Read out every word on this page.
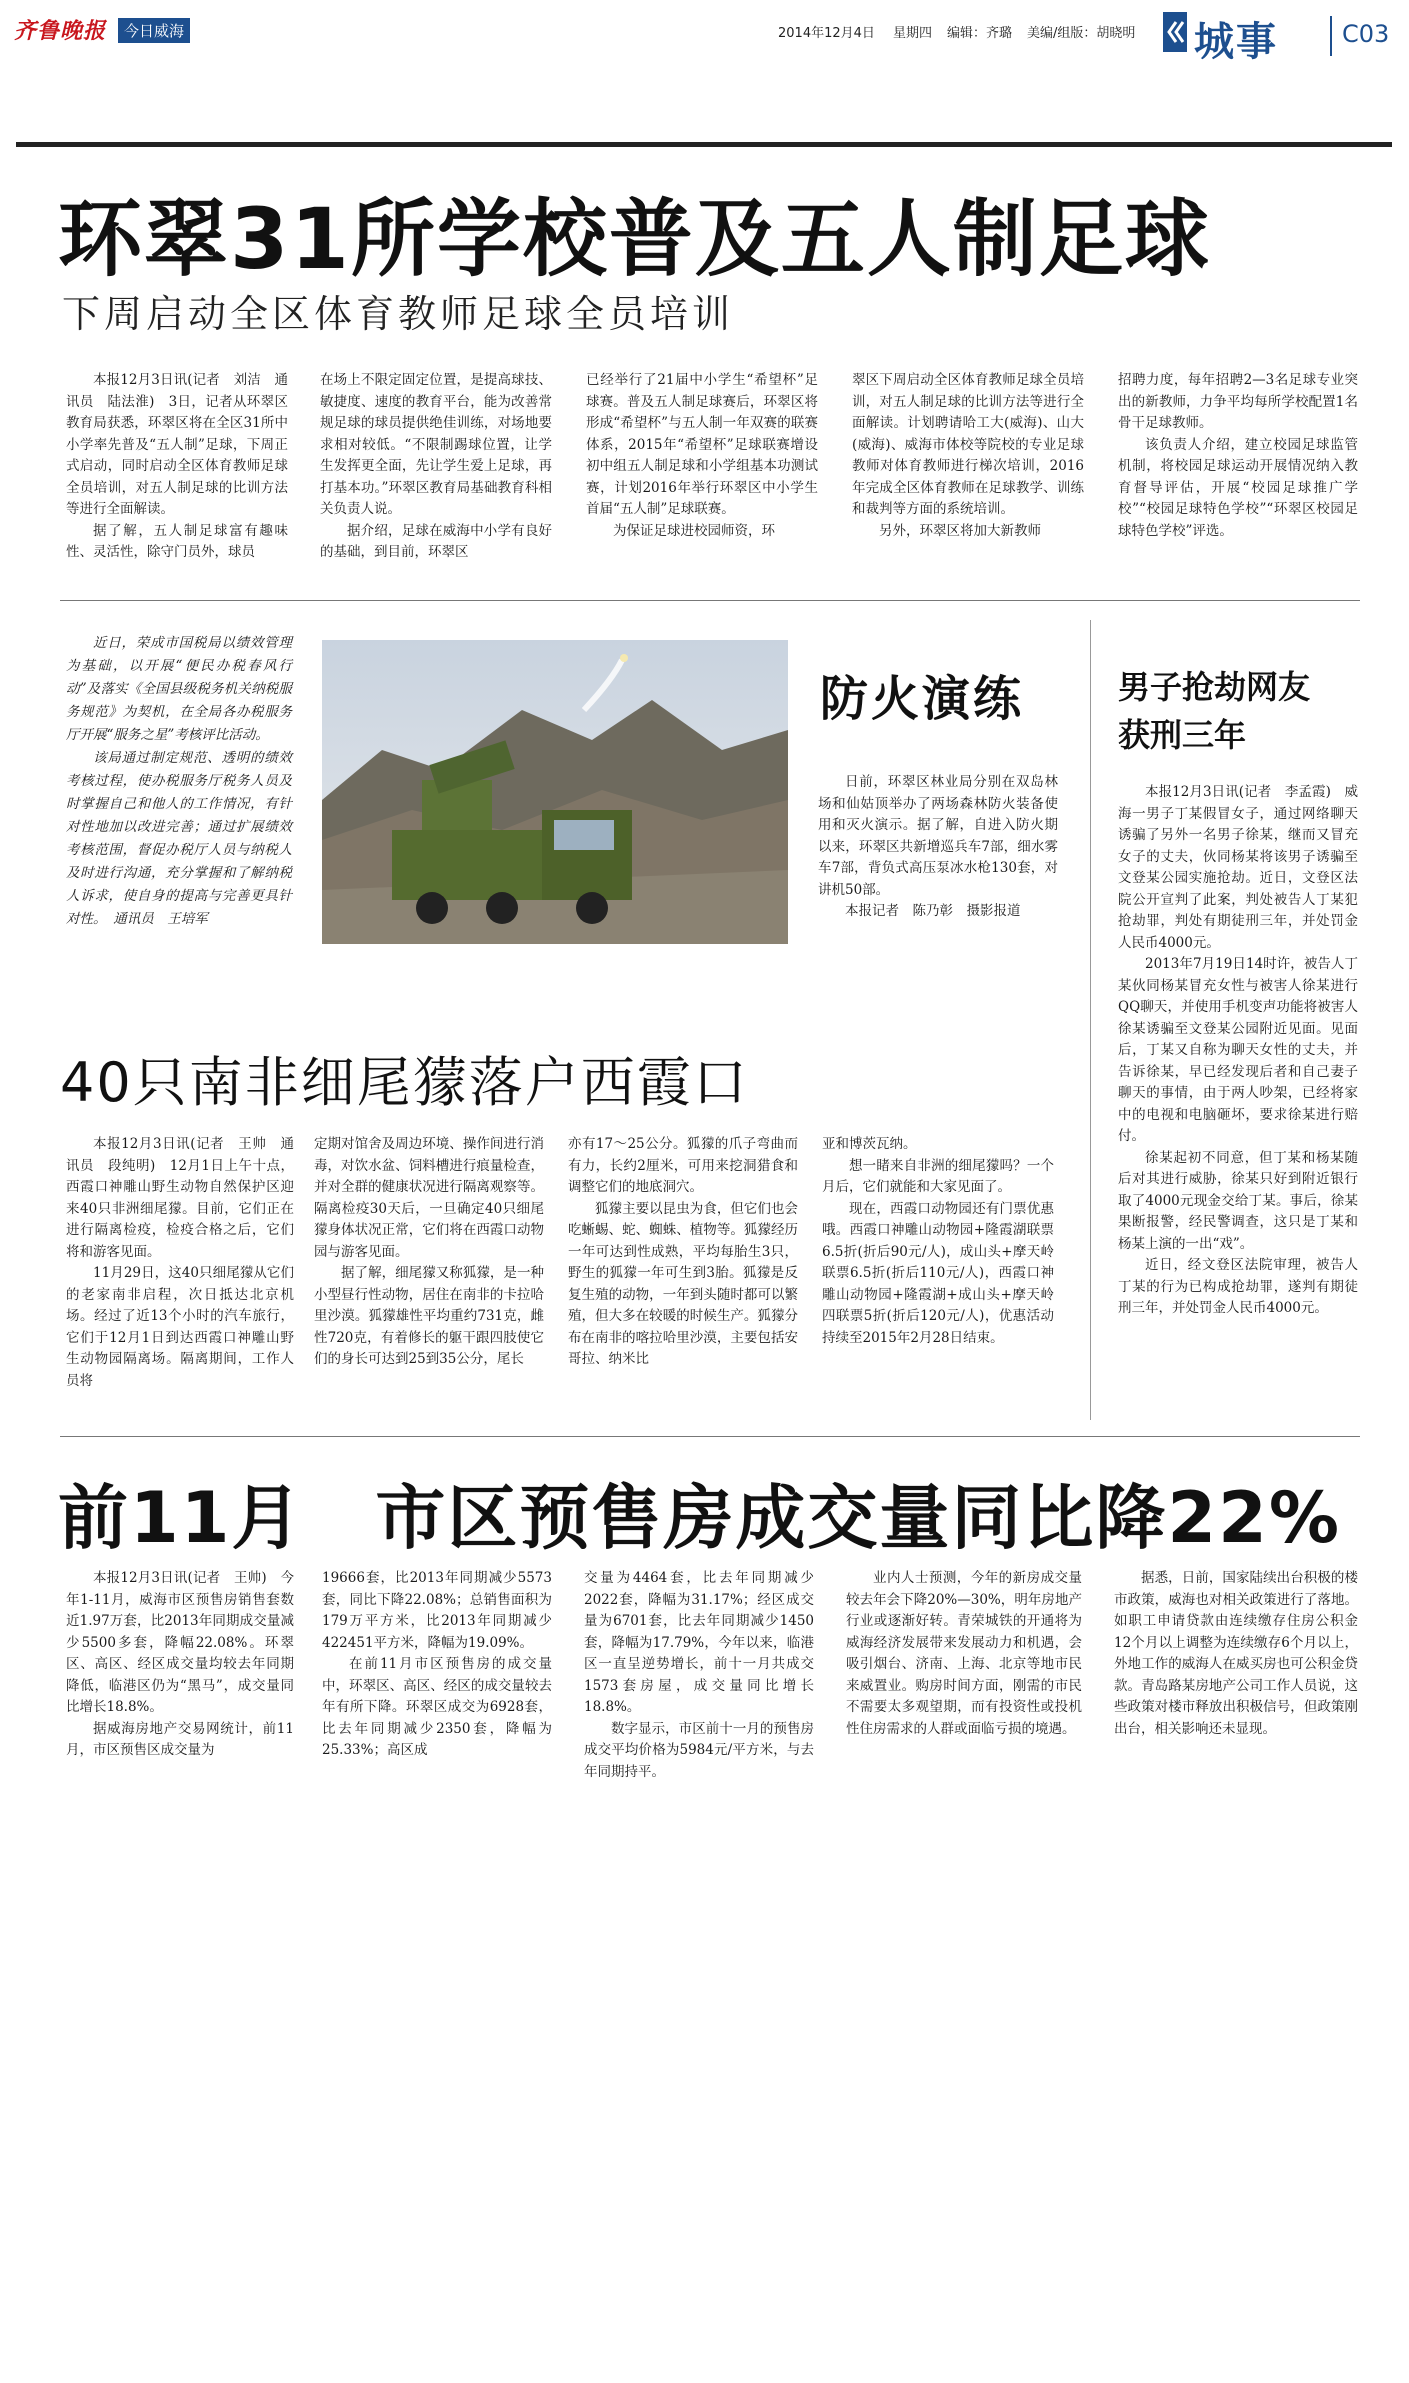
齐鲁晚报	今日威海	2014年12月4日 星期四 编辑：齐璐 美编/组版：胡晓明 城事	C03
环翠31所学校普及五人制足球
下周启动全区体育教师足球全员培训

本报12月3日讯(记者　刘洁　通讯员　陆法淮)　3日，记者从环翠区教育局获悉，环翠区将在全区31所中小学率先普及“五人制”足球，下周正式启动，同时启动全区体育教师足球全员培训，对五人制足球的比训方法等进行全面解读。

据了解，五人制足球富有趣味性、灵活性，除守门员外，球员

在场上不限定固定位置，是提高球技、敏捷度、速度的教育平台，能为改善常规足球的球员提供绝佳训练，对场地要求相对较低。“不限制踢球位置，让学生发挥更全面，先让学生爱上足球，再打基本功。”环翠区教育局基础教育科相关负责人说。

据介绍，足球在威海中小学有良好的基础，到目前，环翠区

已经举行了21届中小学生“希望杯”足球赛。普及五人制足球赛后，环翠区将形成“希望杯”与五人制一年双赛的联赛体系，2015年“希望杯”足球联赛增设初中组五人制足球和小学组基本功测试赛，计划2016年举行环翠区中小学生首届“五人制”足球联赛。

为保证足球进校园师资，环

翠区下周启动全区体育教师足球全员培训，对五人制足球的比训方法等进行全面解读。计划聘请哈工大(威海)、山大(威海)、威海市体校等院校的专业足球教师对体育教师进行梯次培训，2016年完成全区体育教师在足球教学、训练和裁判等方面的系统培训。

另外，环翠区将加大新教师

招聘力度，每年招聘2—3名足球专业突出的新教师，力争平均每所学校配置1名骨干足球教师。

该负责人介绍，建立校园足球监管机制，将校园足球运动开展情况纳入教育督导评估，开展“校园足球推广学校”“校园足球特色学校”“环翠区校园足球特色学校”评选。

近日，荣成市国税局以绩效管理为基础，以开展“便民办税春风行动”及落实《全国县级税务机关纳税服务规范》为契机，在全局各办税服务厅开展“服务之星”考核评比活动。

该局通过制定规范、透明的绩效考核过程，使办税服务厅税务人员及时掌握自己和他人的工作情况，有针对性地加以改进完善；通过扩展绩效考核范围，督促办税厅人员与纳税人及时进行沟通，充分掌握和了解纳税人诉求，使自身的提高与完善更具针对性。　通讯员　王培军

防火演练

日前，环翠区林业局分别在双岛林场和仙姑顶举办了两场森林防火装备使用和灭火演示。据了解，自进入防火期以来，环翠区共新增巡兵车7部，细水雾车7部，背负式高压泵冰水枪130套，对讲机50部。

本报记者　陈乃彰　摄影报道

男子抢劫网友
获刑三年

本报12月3日讯(记者　李孟霞)　威海一男子丁某假冒女子，通过网络聊天诱骗了另外一名男子徐某，继而又冒充女子的丈夫，伙同杨某将该男子诱骗至文登某公园实施抢劫。近日，文登区法院公开宣判了此案，判处被告人丁某犯抢劫罪，判处有期徒刑三年，并处罚金人民币4000元。

2013年7月19日14时许，被告人丁某伙同杨某冒充女性与被害人徐某进行QQ聊天，并使用手机变声功能将被害人徐某诱骗至文登某公园附近见面。见面后，丁某又自称为聊天女性的丈夫，并告诉徐某，早已经发现后者和自己妻子聊天的事情，由于两人吵架，已经将家中的电视和电脑砸坏，要求徐某进行赔付。

徐某起初不同意，但丁某和杨某随后对其进行威胁，徐某只好到附近银行取了4000元现金交给丁某。事后，徐某果断报警，经民警调查，这只是丁某和杨某上演的一出“戏”。

近日，经文登区法院审理，被告人丁某的行为已构成抢劫罪，遂判有期徒刑三年，并处罚金人民币4000元。

40只南非细尾獴落户西霞口

本报12月3日讯(记者　王帅　通讯员　段纯明)　12月1日上午十点，西霞口神雕山野生动物自然保护区迎来40只非洲细尾獴。目前，它们正在进行隔离检疫，检疫合格之后，它们将和游客见面。

11月29日，这40只细尾獴从它们的老家南非启程，次日抵达北京机场。经过了近13个小时的汽车旅行，它们于12月1日到达西霞口神雕山野生动物园隔离场。隔离期间，工作人员将

定期对馆舍及周边环境、操作间进行消毒，对饮水盆、饲料槽进行痕量检查，并对全群的健康状况进行隔离观察等。隔离检疫30天后，一旦确定40只细尾獴身体状况正常，它们将在西霞口动物园与游客见面。

据了解，细尾獴又称狐獴，是一种小型昼行性动物，居住在南非的卡拉哈里沙漠。狐獴雄性平均重约731克，雌性720克，有着修长的躯干跟四肢使它们的身长可达到25到35公分，尾长

亦有17～25公分。狐獴的爪子弯曲而有力，长约2厘米，可用来挖洞猎食和调整它们的地底洞穴。

狐獴主要以昆虫为食，但它们也会吃蜥蜴、蛇、蜘蛛、植物等。狐獴经历一年可达到性成熟，平均每胎生3只，野生的狐獴一年可生到3胎。狐獴是反复生殖的动物，一年到头随时都可以繁殖，但大多在较暖的时候生产。狐獴分布在南非的喀拉哈里沙漠，主要包括安哥拉、纳米比

亚和博茨瓦纳。

想一睹来自非洲的细尾獴吗？一个月后，它们就能和大家见面了。

现在，西霞口动物园还有门票优惠哦。西霞口神雕山动物园+隆霞湖联票6.5折(折后90元/人)，成山头+摩天岭联票6.5折(折后110元/人)，西霞口神雕山动物园+隆霞湖+成山头+摩天岭四联票5折(折后120元/人)，优惠活动持续至2015年2月28日结束。

前11月　市区预售房成交量同比降22%

本报12月3日讯(记者　王帅)　今年1-11月，威海市区预售房销售套数近1.97万套，比2013年同期成交量减少5500多套，降幅22.08%。环翠区、高区、经区成交量均较去年同期降低，临港区仍为“黑马”，成交量同比增长18.8%。

据威海房地产交易网统计，前11月，市区预售区成交量为

19666套，比2013年同期减少5573套，同比下降22.08%；总销售面积为179万平方米，比2013年同期减少422451平方米，降幅为19.09%。

在前11月市区预售房的成交量中，环翠区、高区、经区的成交量较去年有所下降。环翠区成交为6928套，比去年同期减少2350套，降幅为25.33%；高区成

交量为4464套，比去年同期减少2022套，降幅为31.17%；经区成交量为6701套，比去年同期减少1450套，降幅为17.79%，今年以来，临港区一直呈逆势增长，前十一月共成交1573套房屋，成交量同比增长18.8%。

数字显示，市区前十一月的预售房成交平均价格为5984元/平方米，与去年同期持平。

业内人士预测，今年的新房成交量较去年会下降20%—30%，明年房地产行业或逐渐好转。青荣城铁的开通将为威海经济发展带来发展动力和机遇，会吸引烟台、济南、上海、北京等地市民来威置业。购房时间方面，刚需的市民不需要太多观望期，而有投资性或投机性住房需求的人群或面临亏损的境遇。

据悉，日前，国家陆续出台积极的楼市政策，威海也对相关政策进行了落地。如职工申请贷款由连续缴存住房公积金12个月以上调整为连续缴存6个月以上，外地工作的威海人在威买房也可公积金贷款。青岛路某房地产公司工作人员说，这些政策对楼市释放出积极信号，但政策刚出台，相关影响还未显现。
